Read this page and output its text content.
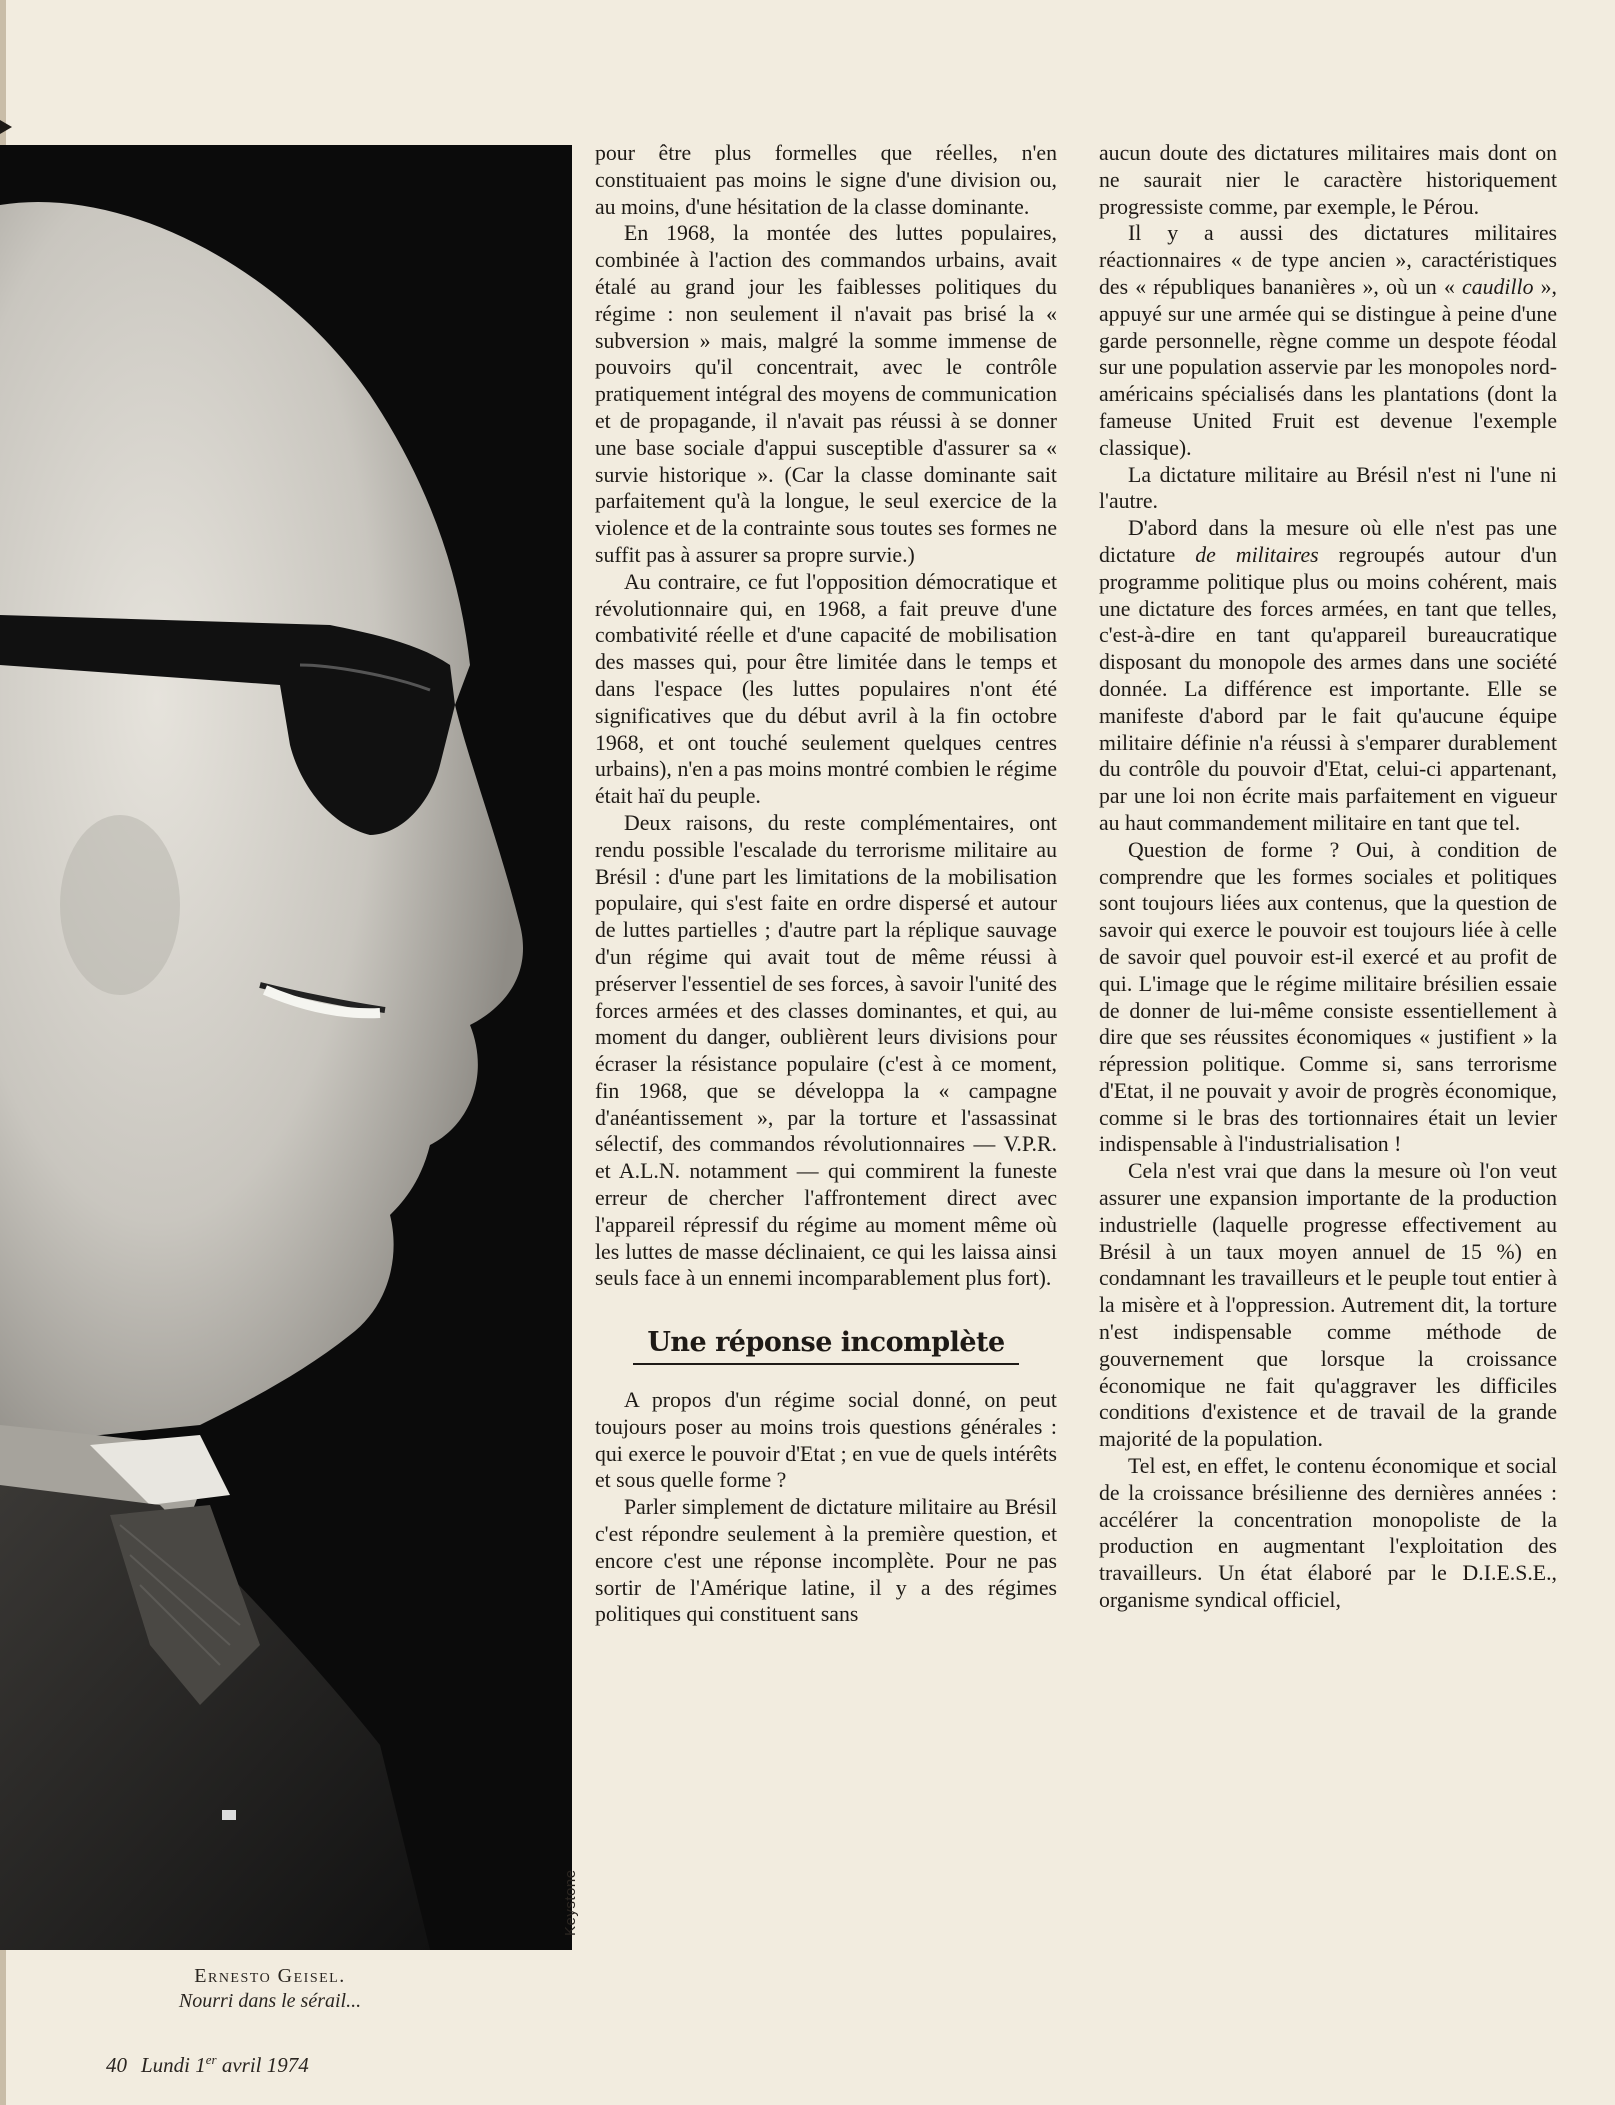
Keystone
Ernesto Geisel.
Nourri dans le sérail...

pour être plus formelles que réelles, n'en constituaient pas moins le signe d'une division ou, au moins, d'une hésitation de la classe dominante.

En 1968, la montée des luttes populaires, combinée à l'action des commandos urbains, avait étalé au grand jour les faiblesses politiques du régime : non seulement il n'avait pas brisé la « subversion » mais, malgré la somme immense de pouvoirs qu'il concentrait, avec le contrôle pratiquement intégral des moyens de communication et de propagande, il n'avait pas réussi à se donner une base sociale d'appui susceptible d'assurer sa « survie historique ». (Car la classe dominante sait parfaitement qu'à la longue, le seul exercice de la violence et de la contrainte sous toutes ses formes ne suffit pas à assurer sa propre survie.)

Au contraire, ce fut l'opposition démocratique et révolutionnaire qui, en 1968, a fait preuve d'une combativité réelle et d'une capacité de mobilisation des masses qui, pour être limitée dans le temps et dans l'espace (les luttes populaires n'ont été significatives que du début avril à la fin octobre 1968, et ont touché seulement quelques centres urbains), n'en a pas moins montré combien le régime était haï du peuple.

Deux raisons, du reste complémentaires, ont rendu possible l'escalade du terrorisme militaire au Brésil : d'une part les limitations de la mobilisation populaire, qui s'est faite en ordre dispersé et autour de luttes partielles ; d'autre part la réplique sauvage d'un régime qui avait tout de même réussi à préserver l'essentiel de ses forces, à savoir l'unité des forces armées et des classes dominantes, et qui, au moment du danger, oublièrent leurs divisions pour écraser la résistance populaire (c'est à ce moment, fin 1968, que se développa la « campagne d'anéantissement », par la torture et l'assassinat sélectif, des commandos révolutionnaires — V.P.R. et A.L.N. notamment — qui commirent la funeste erreur de chercher l'affrontement direct avec l'appareil répressif du régime au moment même où les luttes de masse déclinaient, ce qui les laissa ainsi seuls face à un ennemi incomparablement plus fort).

Une réponse incomplète

A propos d'un régime social donné, on peut toujours poser au moins trois questions générales : qui exerce le pouvoir d'Etat ; en vue de quels intérêts et sous quelle forme ?

Parler simplement de dictature militaire au Brésil c'est répondre seulement à la première question, et encore c'est une réponse incomplète. Pour ne pas sortir de l'Amérique latine, il y a des régimes politiques qui constituent sans

aucun doute des dictatures militaires mais dont on ne saurait nier le caractère historiquement progressiste comme, par exemple, le Pérou.

Il y a aussi des dictatures militaires réactionnaires « de type ancien », caractéristiques des « républiques bananières », où un « caudillo », appuyé sur une armée qui se distingue à peine d'une garde personnelle, règne comme un despote féodal sur une population asservie par les monopoles nord-américains spécialisés dans les plantations (dont la fameuse United Fruit est devenue l'exemple classique).

La dictature militaire au Brésil n'est ni l'une ni l'autre.

D'abord dans la mesure où elle n'est pas une dictature de militaires regroupés autour d'un programme politique plus ou moins cohérent, mais une dictature des forces armées, en tant que telles, c'est-à-dire en tant qu'appareil bureaucratique disposant du monopole des armes dans une société donnée. La différence est importante. Elle se manifeste d'abord par le fait qu'aucune équipe militaire définie n'a réussi à s'emparer durablement du contrôle du pouvoir d'Etat, celui-ci appartenant, par une loi non écrite mais parfaitement en vigueur au haut commandement militaire en tant que tel.

Question de forme ? Oui, à condition de comprendre que les formes sociales et politiques sont toujours liées aux contenus, que la question de savoir qui exerce le pouvoir est toujours liée à celle de savoir quel pouvoir est-il exercé et au profit de qui. L'image que le régime militaire brésilien essaie de donner de lui-même consiste essentiellement à dire que ses réussites économiques « justifient » la répression politique. Comme si, sans terrorisme d'Etat, il ne pouvait y avoir de progrès économique, comme si le bras des tortionnaires était un levier indispensable à l'industrialisation !

Cela n'est vrai que dans la mesure où l'on veut assurer une expansion importante de la production industrielle (laquelle progresse effectivement au Brésil à un taux moyen annuel de 15 %) en condamnant les travailleurs et le peuple tout entier à la misère et à l'oppression. Autrement dit, la torture n'est indispensable comme méthode de gouvernement que lorsque la croissance économique ne fait qu'aggraver les difficiles conditions d'existence et de travail de la grande majorité de la population.

Tel est, en effet, le contenu économique et social de la croissance brésilienne des dernières années : accélérer la concentration monopoliste de la production en augmentant l'exploitation des travailleurs. Un état élaboré par le D.I.E.S.E., organisme syndical officiel,

40 Lundi 1er avril 1974
